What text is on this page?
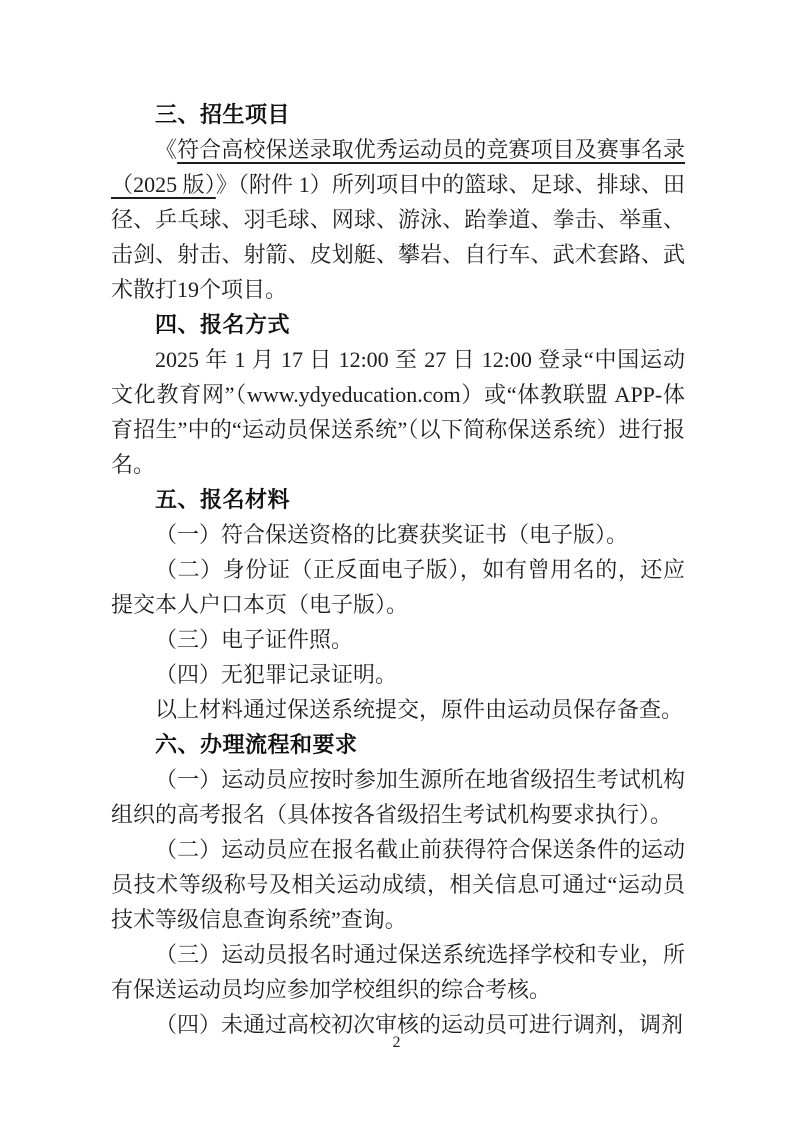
三、招生项目

《符合高校保送录取优秀运动员的竞赛项目及赛事名录（2025 版）》（附件 1）所列项目中的篮球、足球、排球、田径、乒乓球、羽毛球、网球、游泳、跆拳道、拳击、举重、击剑、射击、射箭、皮划艇、攀岩、自行车、武术套路、武术散打19个项目。

四、报名方式

2025 年 1 月 17 日 12:00 至 27 日 12:00 登录“中国运动文化教育网”（www.ydyeducation.com）或“体教联盟 APP-体育招生”中的“运动员保送系统”（以下简称保送系统）进行报名。

五、报名材料

（一）符合保送资格的比赛获奖证书（电子版）。

（二）身份证（正反面电子版），如有曾用名的，还应提交本人户口本页（电子版）。

（三）电子证件照。

（四）无犯罪记录证明。

以上材料通过保送系统提交，原件由运动员保存备查。

六、办理流程和要求

（一）运动员应按时参加生源所在地省级招生考试机构组织的高考报名（具体按各省级招生考试机构要求执行）。

（二）运动员应在报名截止前获得符合保送条件的运动员技术等级称号及相关运动成绩，相关信息可通过“运动员技术等级信息查询系统”查询。

（三）运动员报名时通过保送系统选择学校和专业，所有保送运动员均应参加学校组织的综合考核。

（四）未通过高校初次审核的运动员可进行调剂，调剂

2
